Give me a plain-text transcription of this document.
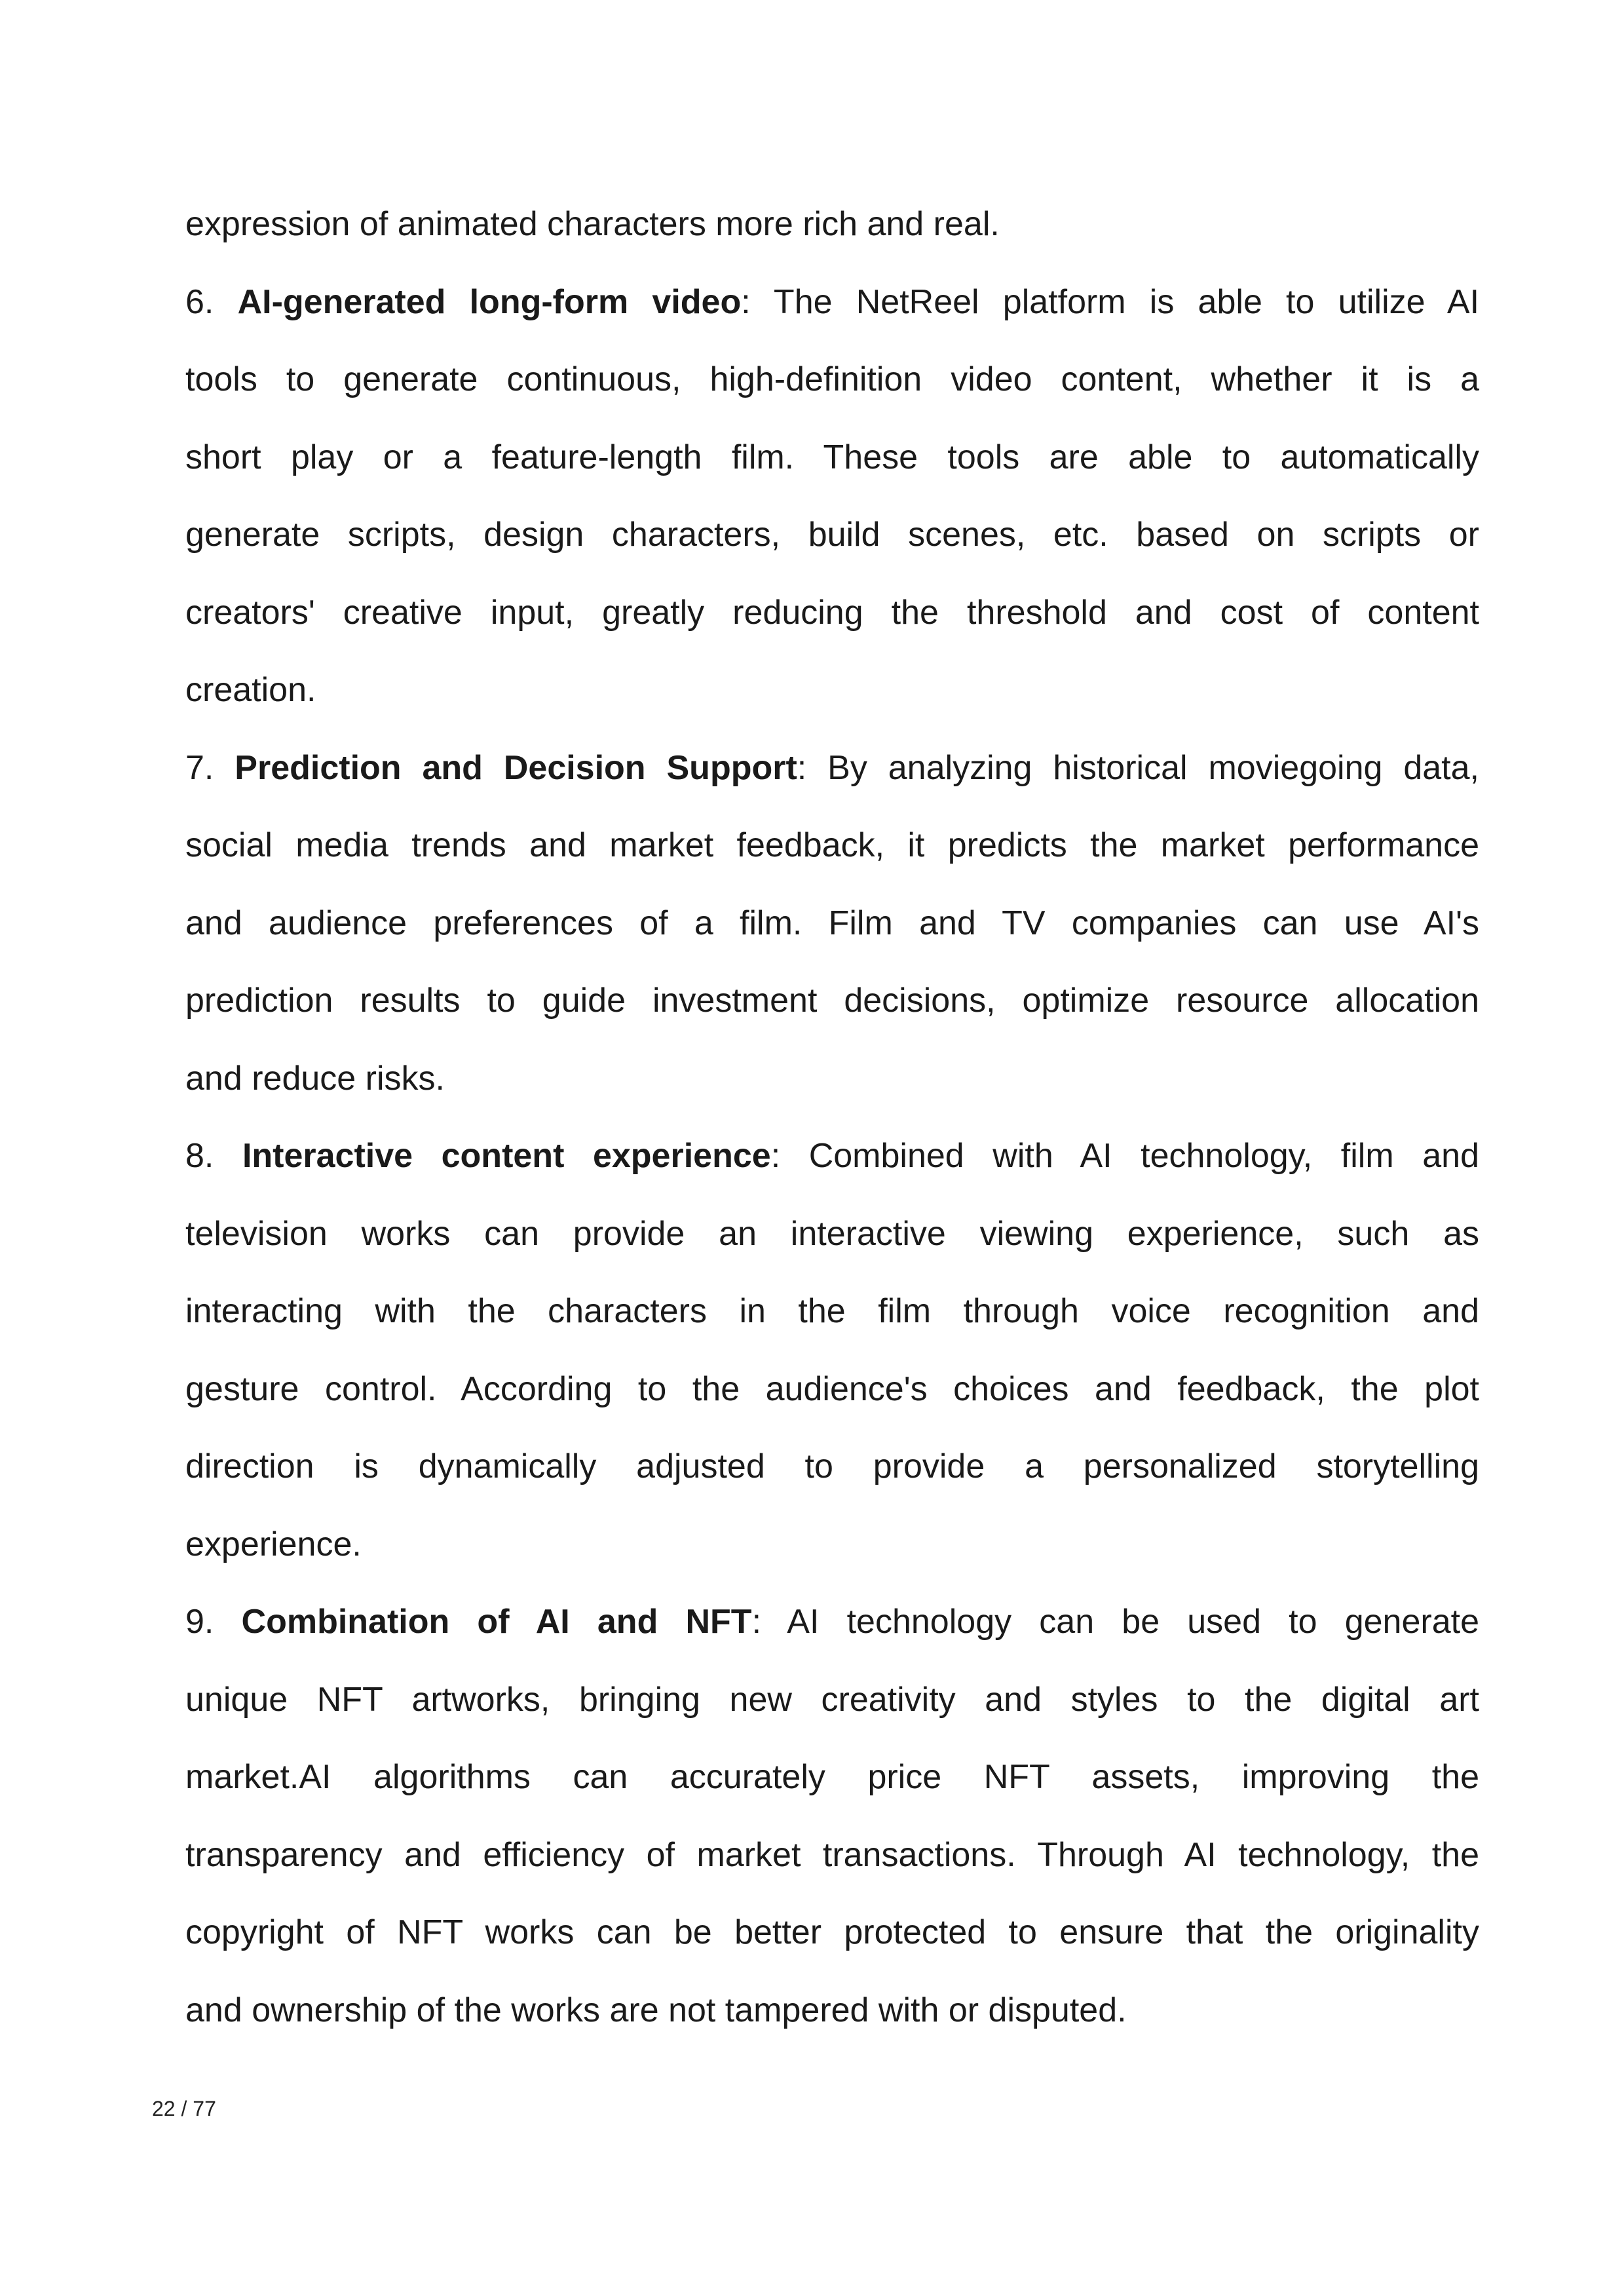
expression of animated characters more rich and real.
6. AI-generated long-form video: The NetReel platform is able to utilize AI
tools to generate continuous, high-definition video content, whether it is a
short play or a feature-length film. These tools are able to automatically
generate scripts, design characters, build scenes, etc. based on scripts or
creators' creative input, greatly reducing the threshold and cost of content
creation.
7. Prediction and Decision Support: By analyzing historical moviegoing data,
social media trends and market feedback, it predicts the market performance
and audience preferences of a film. Film and TV companies can use AI's
prediction results to guide investment decisions, optimize resource allocation
and reduce risks.
8. Interactive content experience: Combined with AI technology, film and
television works can provide an interactive viewing experience, such as
interacting with the characters in the film through voice recognition and
gesture control. According to the audience's choices and feedback, the plot
direction is dynamically adjusted to provide a personalized storytelling
experience.
9. Combination of AI and NFT: AI technology can be used to generate
unique NFT artworks, bringing new creativity and styles to the digital art
market.AI algorithms can accurately price NFT assets, improving the
transparency and efficiency of market transactions. Through AI technology, the
copyright of NFT works can be better protected to ensure that the originality
and ownership of the works are not tampered with or disputed.
22 / 77
